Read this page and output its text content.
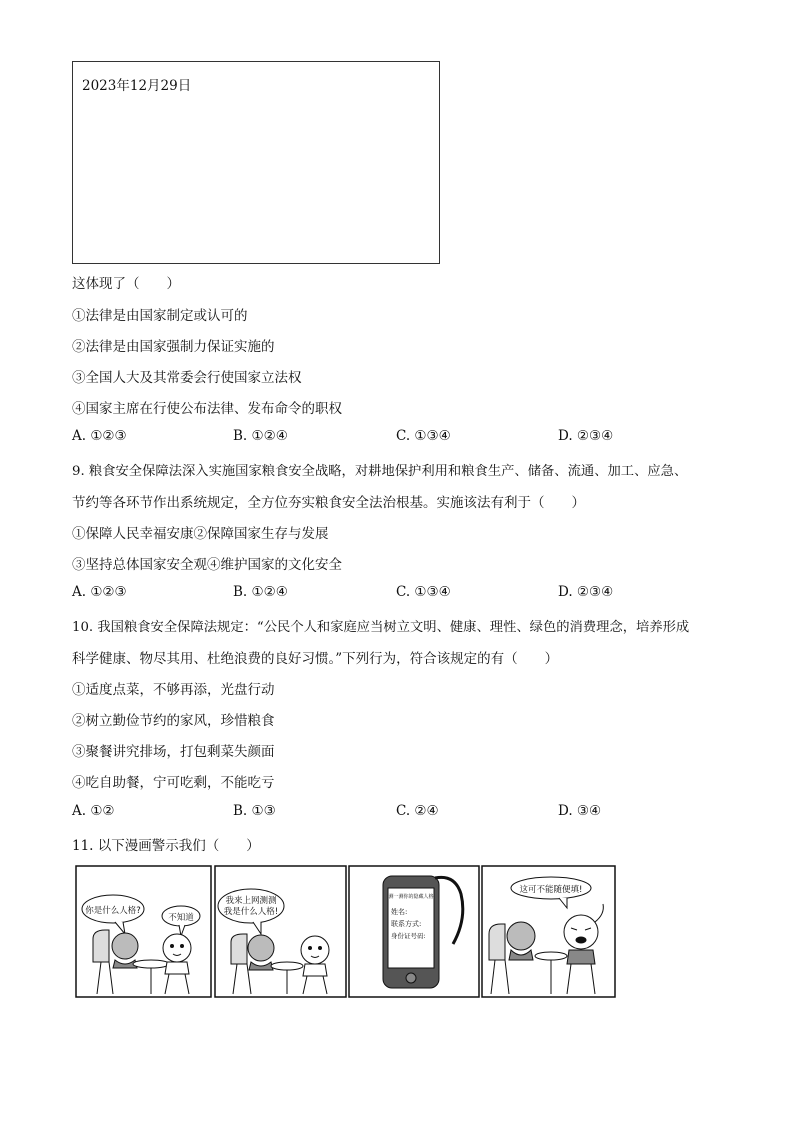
2023年12月29日
这体现了（　　）
①法律是由国家制定或认可的
②法律是由国家强制力保证实施的
③全国人大及其常委会行使国家立法权
④国家主席在行使公布法律、发布命令的职权
A. ①②③	B. ①②④	C. ①③④	D. ②③④
9. 粮食安全保障法深入实施国家粮食安全战略，对耕地保护利用和粮食生产、储备、流通、加工、应急、
节约等各环节作出系统规定，全方位夯实粮食安全法治根基。实施该法有利于（　　）
①保障人民幸福安康②保障国家生存与发展
③坚持总体国家安全观④维护国家的文化安全
A. ①②③	B. ①②④	C. ①③④	D. ②③④
10. 我国粮食安全保障法规定：“公民个人和家庭应当树立文明、健康、理性、绿色的消费理念，培养形成
科学健康、物尽其用、杜绝浪费的良好习惯。”下列行为，符合该规定的有（　　）
①适度点菜，不够再添，光盘行动
②树立勤俭节约的家风，珍惜粮食
③聚餐讲究排场，打包剩菜失颜面
④吃自助餐，宁可吃剩，不能吃亏
A. ①②	B. ①③	C. ②④	D. ③④
11. 以下漫画警示我们（　　）
你是什么人格?
不知道
我来上网测测
我是什么人格!
测一测你的隐藏人格
姓名:
联系方式:
身份证号码:
这可不能随便填!
